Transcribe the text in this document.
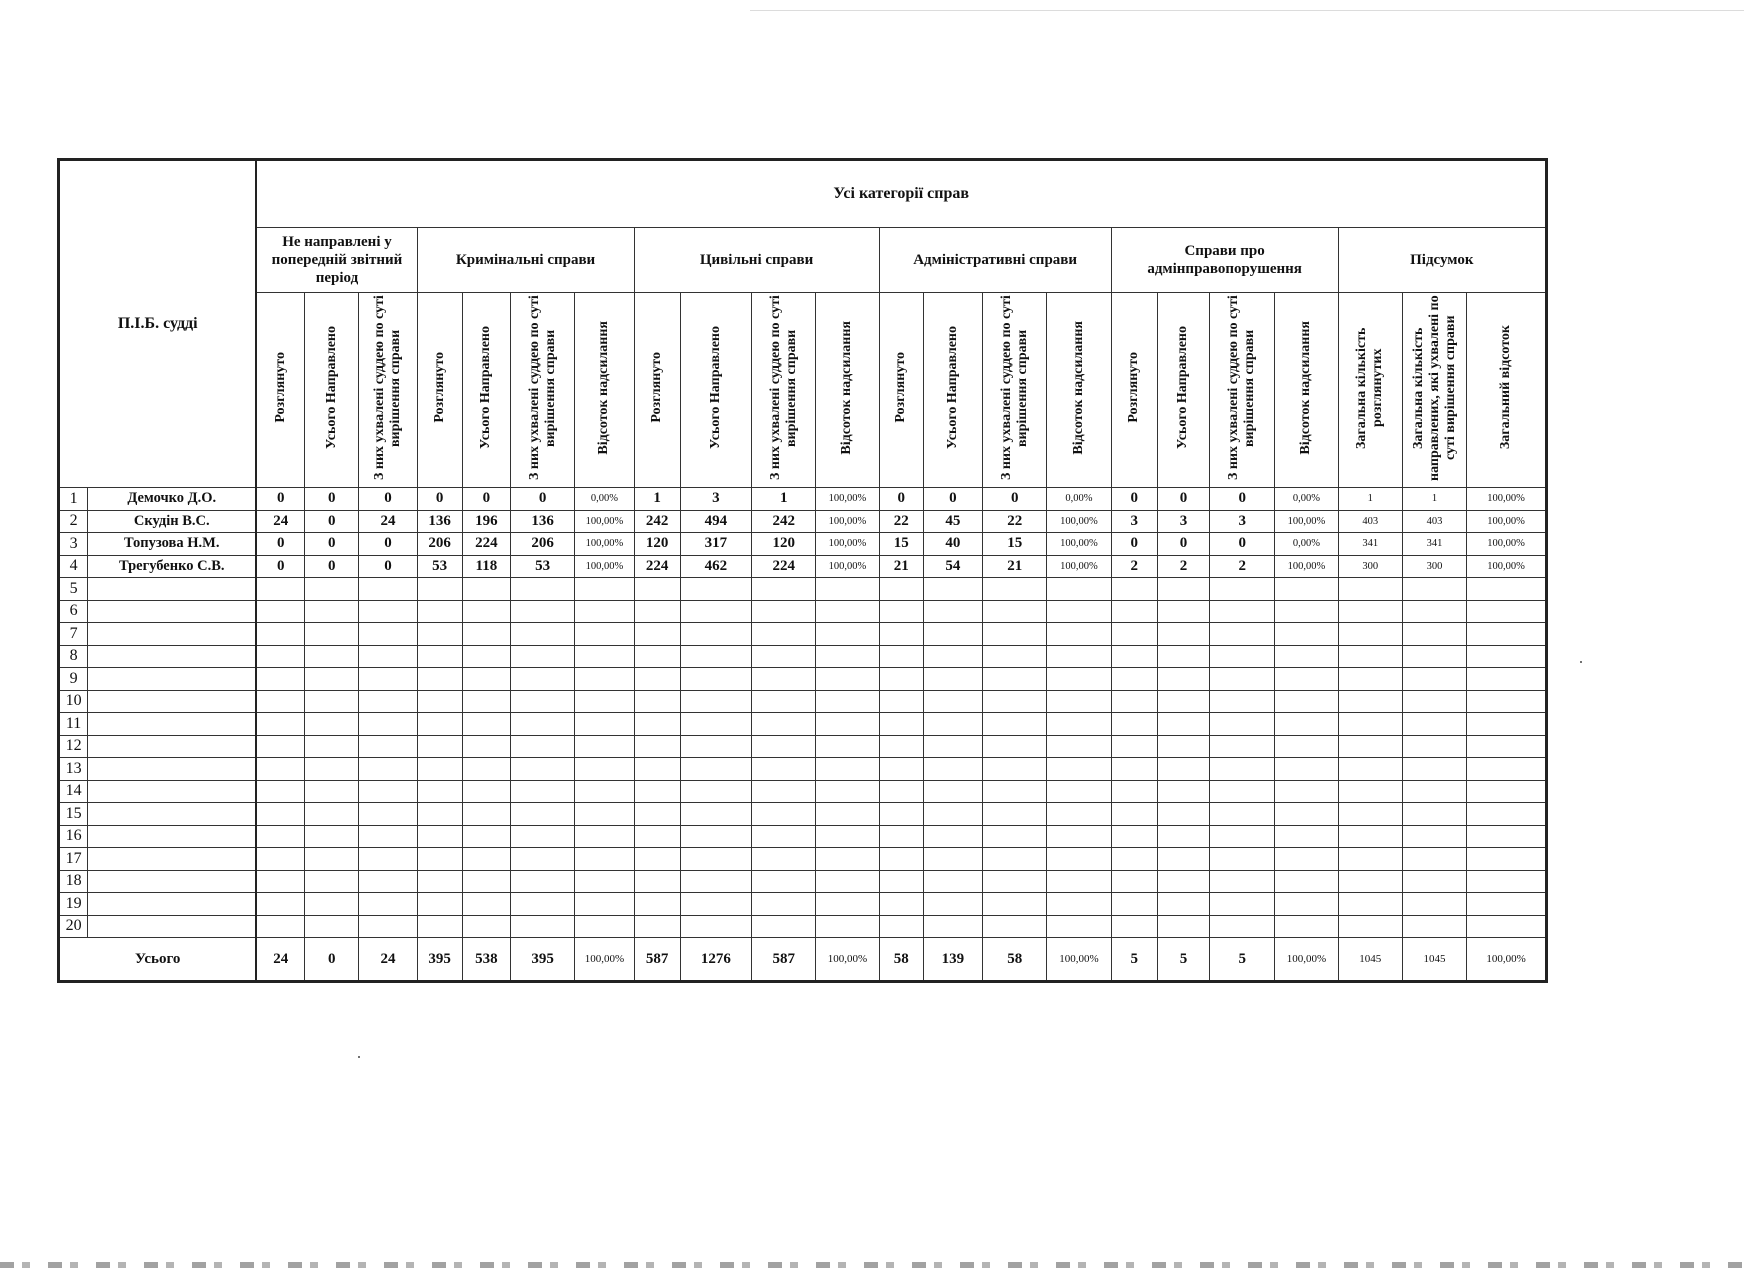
П.І.Б. судді		Усі категорії справ																					
		Не направлені у попередній звітний період			Кримінальні справи				Цивільні справи				Адміністративні справи				Справи про адмінправопорушення				Підсумок		
		Розглянуто	Усього Направлено	З них ухвалені суддею по суті вирішення справи	Розглянуто	Усього Направлено	З них ухвалені суддею по суті вирішення справи	Відсоток надсилання	Розглянуто	Усього Направлено	З них ухвалені суддею по суті вирішення справи	Відсоток надсилання	Розглянуто	Усього Направлено	З них ухвалені суддею по суті вирішення справи	Відсоток надсилання	Розглянуто	Усього Направлено	З них ухвалені суддею по суті вирішення справи	Відсоток надсилання	Загальна кількість розглянутих	Загальна кількість направлених, які ухвалені по суті вирішення справи	Загальний відсоток
1	Демочко Д.О.	0	0	0	0	0	0	0,00%	1	3	1	100,00%	0	0	0	0,00%	0	0	0	0,00%	1	1	100,00%
2	Скудін В.С.	24	0	24	136	196	136	100,00%	242	494	242	100,00%	22	45	22	100,00%	3	3	3	100,00%	403	403	100,00%
3	Топузова Н.М.	0	0	0	206	224	206	100,00%	120	317	120	100,00%	15	40	15	100,00%	0	0	0	0,00%	341	341	100,00%
4	Трегубенко С.В.	0	0	0	53	118	53	100,00%	224	462	224	100,00%	21	54	21	100,00%	2	2	2	100,00%	300	300	100,00%
5																							
6																							
7																							
8																							
9																							
10																							
11																							
12																							
13																							
14																							
15																							
16																							
17																							
18																							
19																							
20																							
Усього		24	0	24	395	538	395	100,00%	587	1276	587	100,00%	58	139	58	100,00%	5	5	5	100,00%	1045	1045	100,00%
